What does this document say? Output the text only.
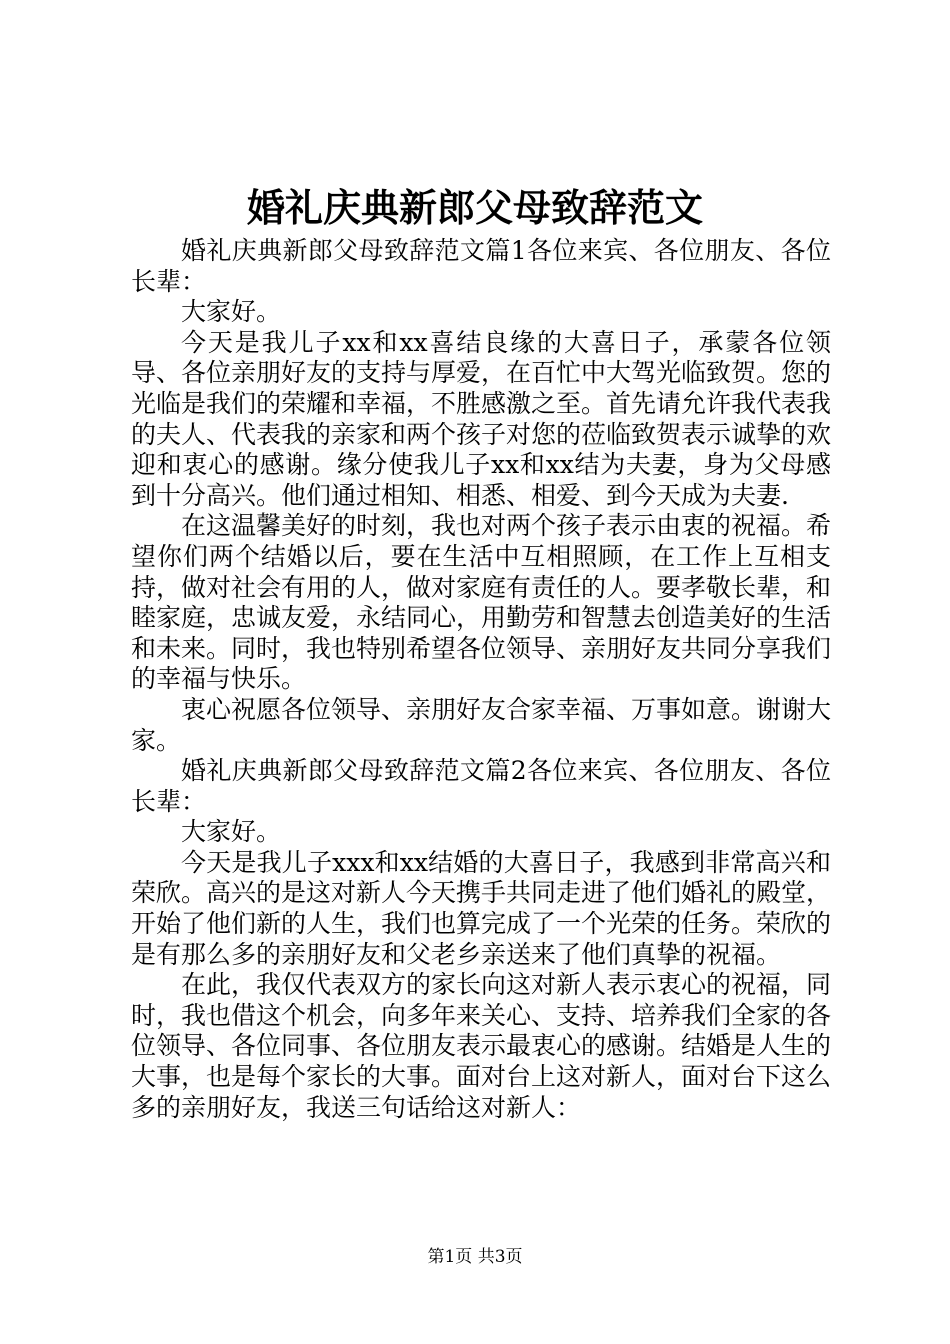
婚礼庆典新郎父母致辞范文

婚礼庆典新郎父母致辞范文篇1各位来宾、各位朋友、各位长辈：

大家好。

今天是我儿子xx和xx喜结良缘的大喜日子，承蒙各位领导、各位亲朋好友的支持与厚爱，在百忙中大驾光临致贺。您的光临是我们的荣耀和幸福，不胜感激之至。首先请允许我代表我的夫人、代表我的亲家和两个孩子对您的莅临致贺表示诚挚的欢迎和衷心的感谢。缘分使我儿子xx和xx结为夫妻，身为父母感到十分高兴。他们通过相知、相悉、相爱、到今天成为夫妻.

在这温馨美好的时刻，我也对两个孩子表示由衷的祝福。希望你们两个结婚以后，要在生活中互相照顾，在工作上互相支持，做对社会有用的人，做对家庭有责任的人。要孝敬长辈，和睦家庭，忠诚友爱，永结同心，用勤劳和智慧去创造美好的生活和未来。同时，我也特别希望各位领导、亲朋好友共同分享我们的幸福与快乐。

衷心祝愿各位领导、亲朋好友合家幸福、万事如意。谢谢大家。

婚礼庆典新郎父母致辞范文篇2各位来宾、各位朋友、各位长辈：

大家好。

今天是我儿子xxx和xx结婚的大喜日子，我感到非常高兴和荣欣。高兴的是这对新人今天携手共同走进了他们婚礼的殿堂，开始了他们新的人生，我们也算完成了一个光荣的任务。荣欣的是有那么多的亲朋好友和父老乡亲送来了他们真挚的祝福。

在此，我仅代表双方的家长向这对新人表示衷心的祝福，同时，我也借这个机会，向多年来关心、支持、培养我们全家的各位领导、各位同事、各位朋友表示最衷心的感谢。结婚是人生的大事，也是每个家长的大事。面对台上这对新人，面对台下这么多的亲朋好友，我送三句话给这对新人：

第1页 共3页
